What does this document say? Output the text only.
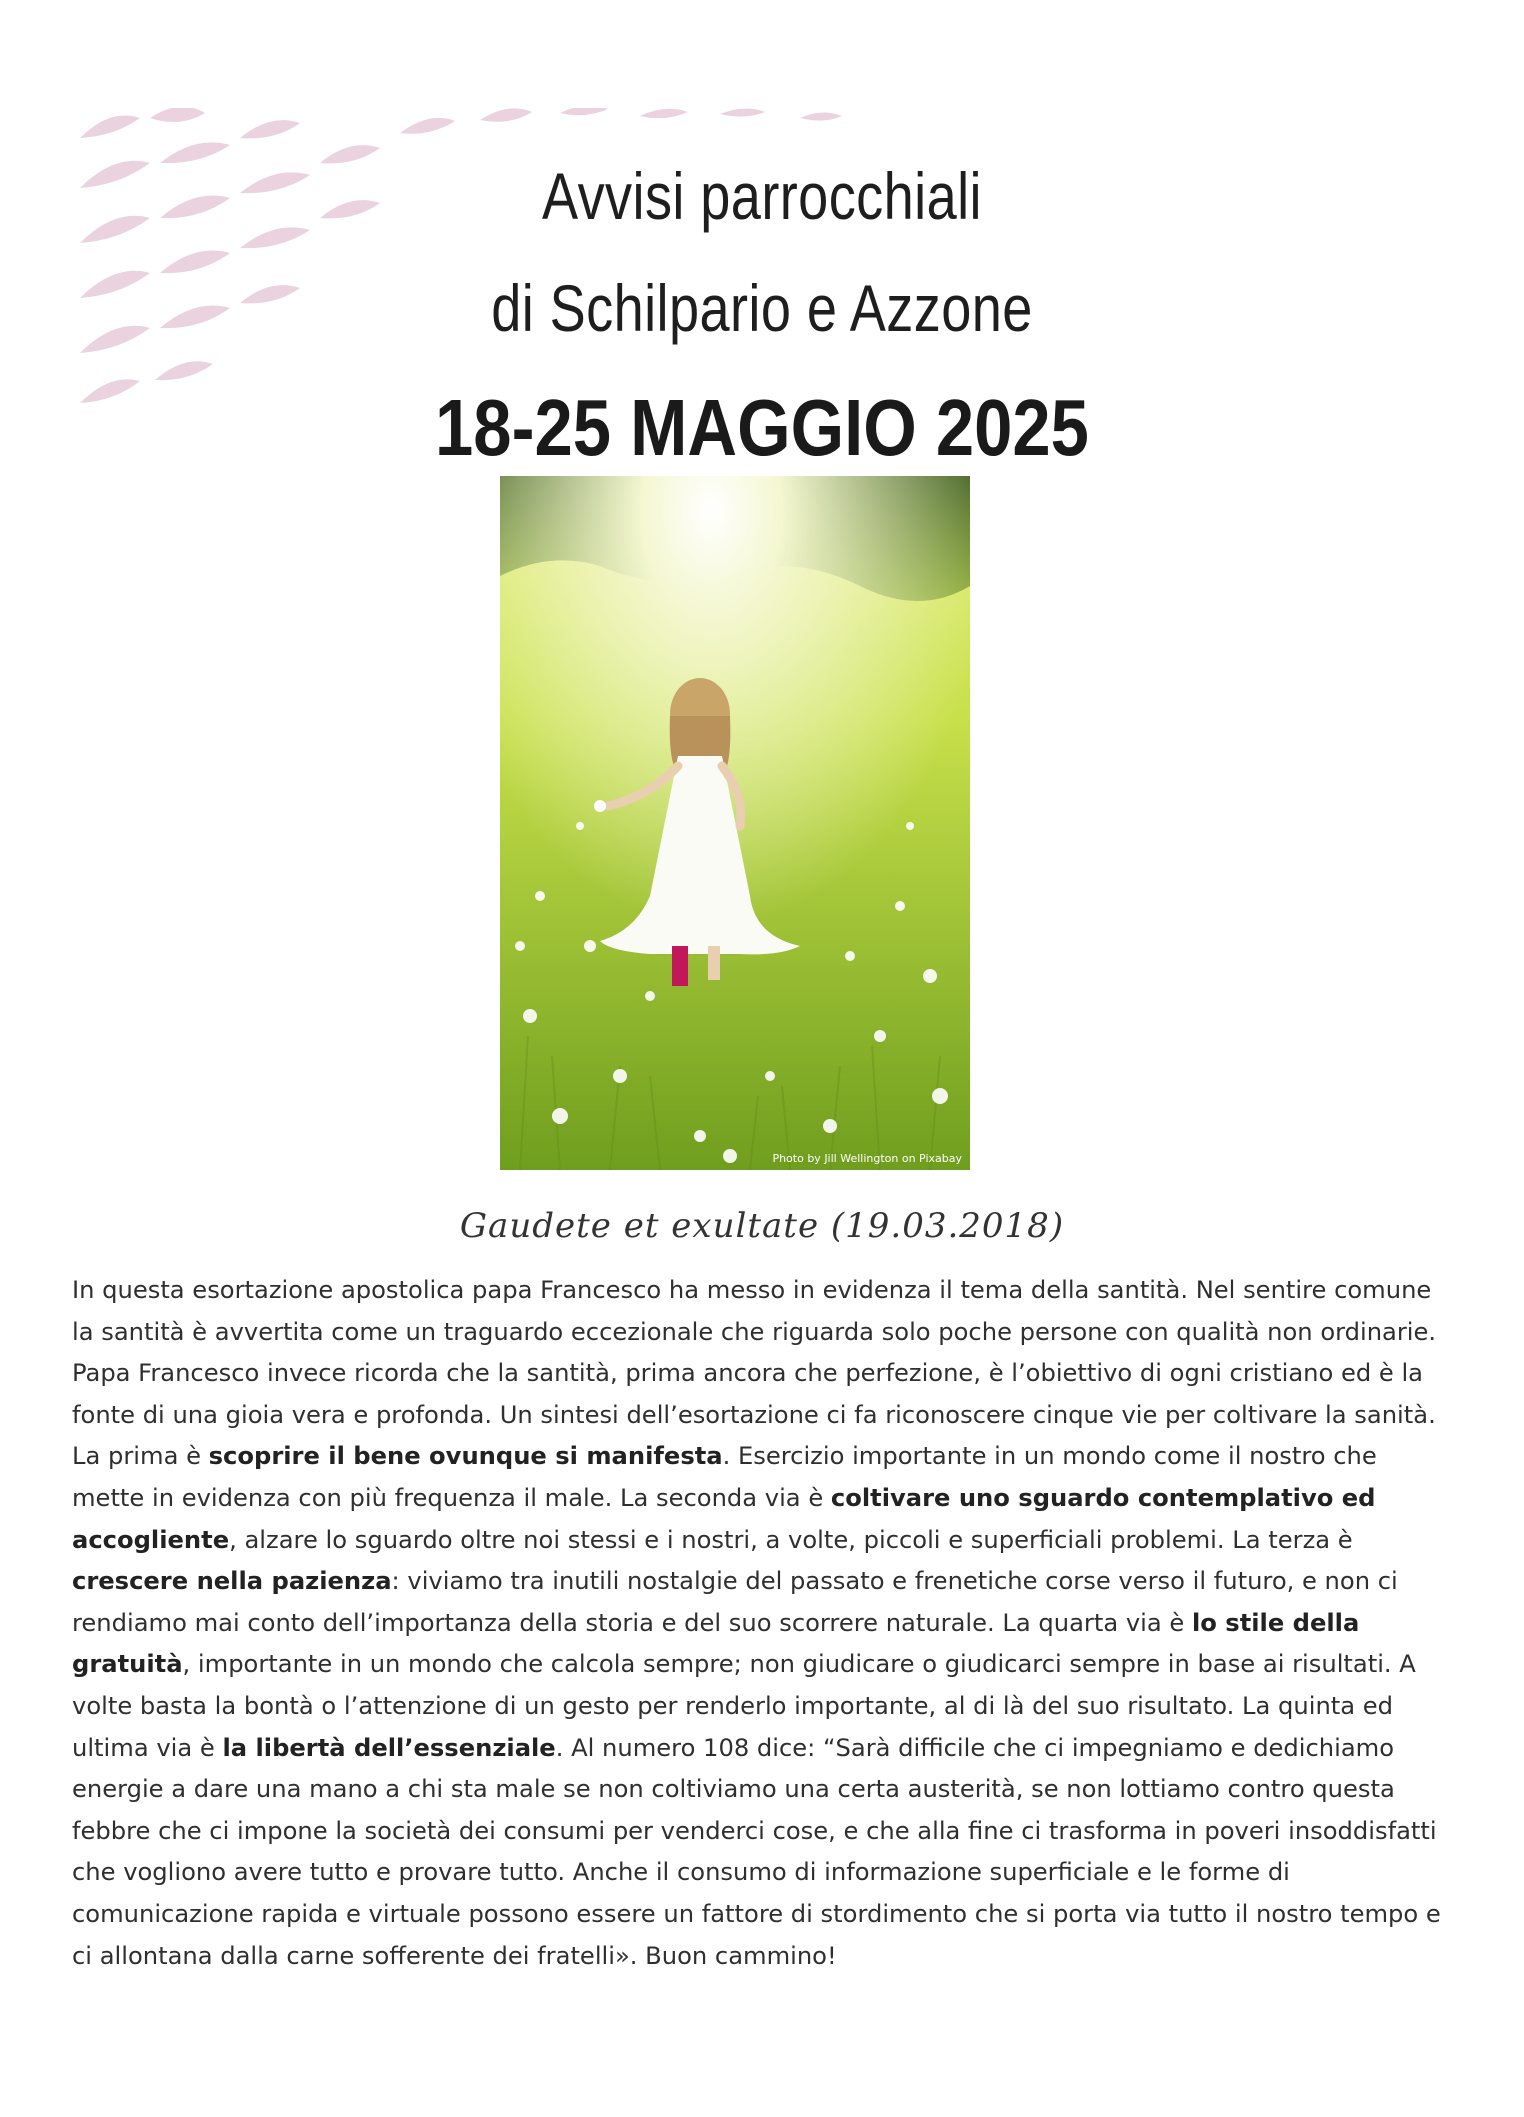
Avvisi parrocchiali
di Schilpario e Azzone
18-25 MAGGIO 2025
Photo by Jill Wellington on Pixabay
Gaudete et exultate (19.03.2018)

In questa esortazione apostolica papa Francesco ha messo in evidenza il tema della santità. Nel sentire comune la santità è avvertita come un traguardo eccezionale che riguarda solo poche persone con qualità non ordinarie. Papa Francesco invece ricorda che la santità, prima ancora che perfezione, è l’obiettivo di ogni cristiano ed è la fonte di una gioia vera e profonda. Un sintesi dell’esortazione ci fa riconoscere cinque vie per coltivare la sanità. La prima è scoprire il bene ovunque si manifesta. Esercizio importante in un mondo come il nostro che mette in evidenza con più frequenza il male. La seconda via è coltivare uno sguardo contemplativo ed accogliente, alzare lo sguardo oltre noi stessi e i nostri, a volte, piccoli e superficiali problemi. La terza è crescere nella pazienza: viviamo tra inutili nostalgie del passato e frenetiche corse verso il futuro, e non ci rendiamo mai conto dell’importanza della storia e del suo scorrere naturale. La quarta via è lo stile della gratuità, importante in un mondo che calcola sempre; non giudicare o giudicarci sempre in base ai risultati. A volte basta la bontà o l’attenzione di un gesto per renderlo importante, al di là del suo risultato. La quinta ed ultima via è la libertà dell’essenziale. Al numero 108 dice: “Sarà difficile che ci impegniamo e dedichiamo energie a dare una mano a chi sta male se non coltiviamo una certa austerità, se non lottiamo contro questa febbre che ci impone la società dei consumi per venderci cose, e che alla fine ci trasforma in poveri insoddisfatti che vogliono avere tutto e provare tutto. Anche il consumo di informazione superficiale e le forme di comunicazione rapida e virtuale possono essere un fattore di stordimento che si porta via tutto il nostro tempo e ci allontana dalla carne sofferente dei fratelli». Buon cammino!
